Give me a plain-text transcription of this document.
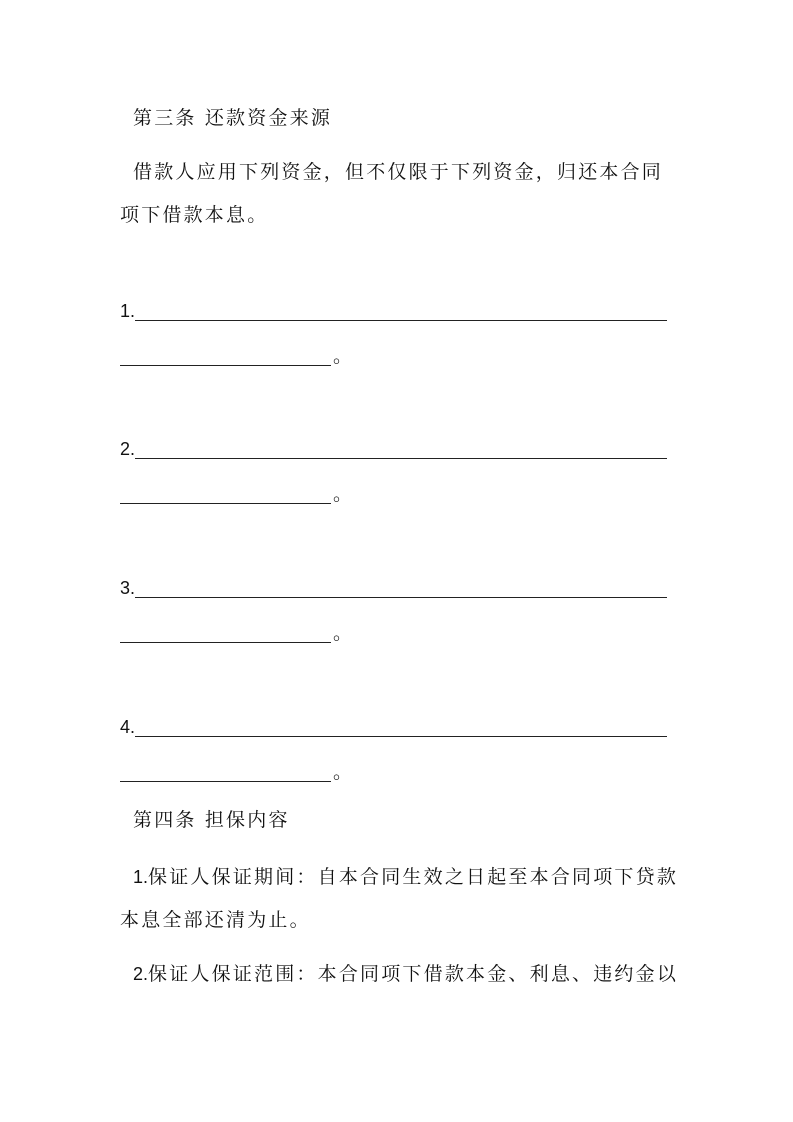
第三条 还款资金来源
借款人应用下列资金，但不仅限于下列资金，归还本合同
项下借款本息。
1.
。
2.
。
3.
。
4.
。
第四条 担保内容
1.保证人保证期间：自本合同生效之日起至本合同项下贷款
本息全部还清为止。
2.保证人保证范围：本合同项下借款本金、利息、违约金以
